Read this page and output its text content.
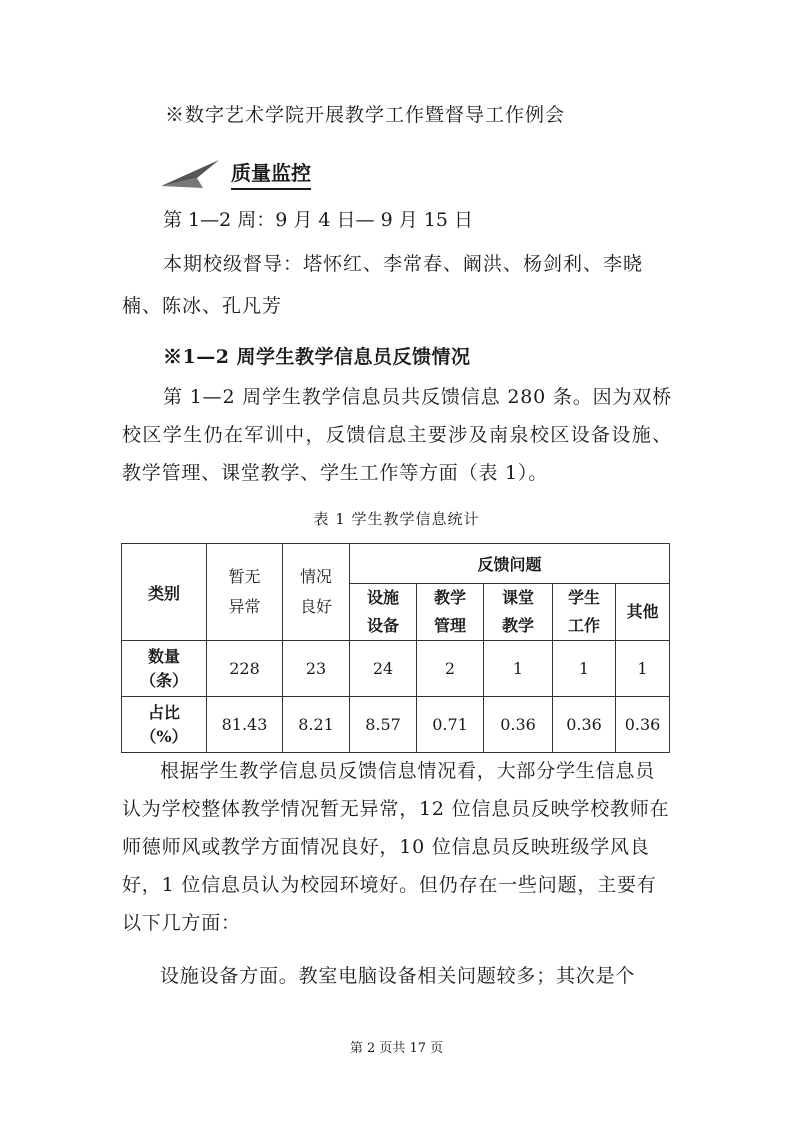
※数字艺术学院开展教学工作暨督导工作例会
质量监控
第 1—2 周：9 月 4 日— 9 月 15 日
本期校级督导：塔怀红、李常春、阚洪、杨剑利、李晓
楠、陈冰、孔凡芳
※1—2 周学生教学信息员反馈情况
第 1—2 周学生教学信息员共反馈信息 280 条。因为双桥校区学生仍在军训中，反馈信息主要涉及南泉校区设备设施、教学管理、课堂教学、学生工作等方面（表 1）。
表 1 学生教学信息统计
类别	暂无异常	情况良好	反馈问题				
			设施设备	教学管理	课堂教学	学生工作	其他
数量（条）	228	23	24	2	1	1	1
占比（%）	81.43	8.21	8.57	0.71	0.36	0.36	0.36
根据学生教学信息员反馈信息情况看，大部分学生信息员认为学校整体教学情况暂无异常，12 位信息员反映学校教师在师德师风或教学方面情况良好，10 位信息员反映班级学风良好，1 位信息员认为校园环境好。但仍存在一些问题，主要有以下几方面：
设施设备方面。教室电脑设备相关问题较多；其次是个
第 2 页共 17 页
